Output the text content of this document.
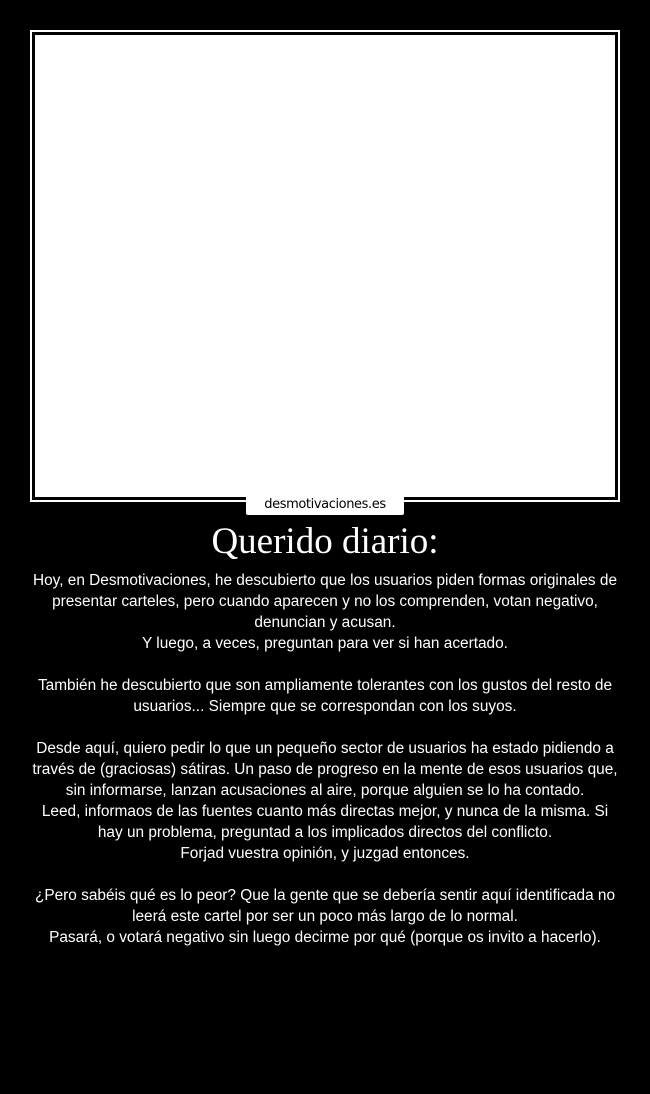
desmotivaciones.es
Querido diario:

Hoy, en Desmotivaciones, he descubierto que los usuarios piden formas originales de presentar carteles, pero cuando aparecen y no los comprenden, votan negativo, denuncian y acusan.

Y luego, a veces, preguntan para ver si han acertado.

También he descubierto que son ampliamente tolerantes con los gustos del resto de usuarios... Siempre que se correspondan con los suyos.

Desde aquí, quiero pedir lo que un pequeño sector de usuarios ha estado pidiendo a través de (graciosas) sátiras. Un paso de progreso en la mente de esos usuarios que, sin informarse, lanzan acusaciones al aire, porque alguien se lo ha contado.

Leed, informaos de las fuentes cuanto más directas mejor, y nunca de la misma. Si hay un problema, preguntad a los implicados directos del conflicto.

Forjad vuestra opinión, y juzgad entonces.

¿Pero sabéis qué es lo peor? Que la gente que se debería sentir aquí identificada no leerá este cartel por ser un poco más largo de lo normal.

Pasará, o votará negativo sin luego decirme por qué (porque os invito a hacerlo).
